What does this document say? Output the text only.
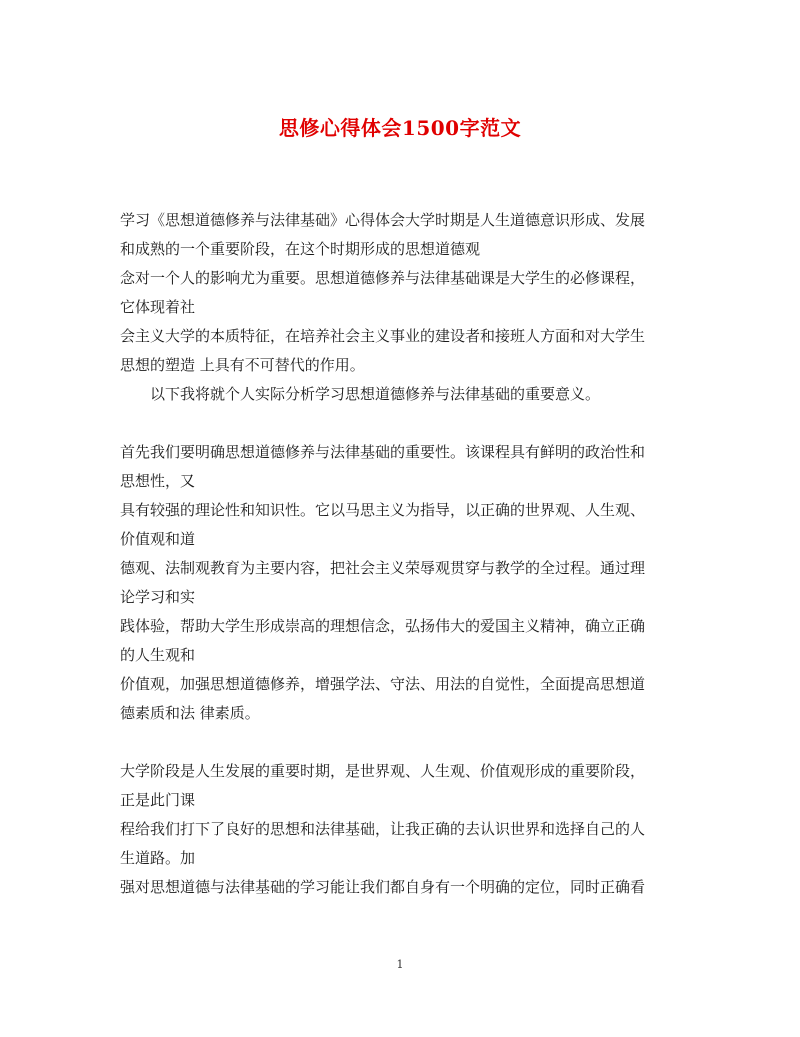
思修心得体会1500字范文
学习《思想道德修养与法律基础》心得体会大学时期是人生道德意识形成、发展
和成熟的一个重要阶段，在这个时期形成的思想道德观
念对一个人的影响尤为重要。思想道德修养与法律基础课是大学生的必修课程，
它体现着社
会主义大学的本质特征，在培养社会主义事业的建设者和接班人方面和对大学生
思想的塑造 上具有不可替代的作用。
以下我将就个人实际分析学习思想道德修养与法律基础的重要意义。
首先我们要明确思想道德修养与法律基础的重要性。该课程具有鲜明的政治性和
思想性，又
具有较强的理论性和知识性。它以马思主义为指导，以正确的世界观、人生观、
价值观和道
德观、法制观教育为主要内容，把社会主义荣辱观贯穿与教学的全过程。通过理
论学习和实
践体验，帮助大学生形成崇高的理想信念，弘扬伟大的爱国主义精神，确立正确
的人生观和
价值观，加强思想道德修养，增强学法、守法、用法的自觉性，全面提高思想道
德素质和法 律素质。
大学阶段是人生发展的重要时期，是世界观、人生观、价值观形成的重要阶段，
正是此门课
程给我们打下了良好的思想和法律基础，让我正确的去认识世界和选择自己的人
生道路。加
强对思想道德与法律基础的学习能让我们都自身有一个明确的定位，同时正确看
1
